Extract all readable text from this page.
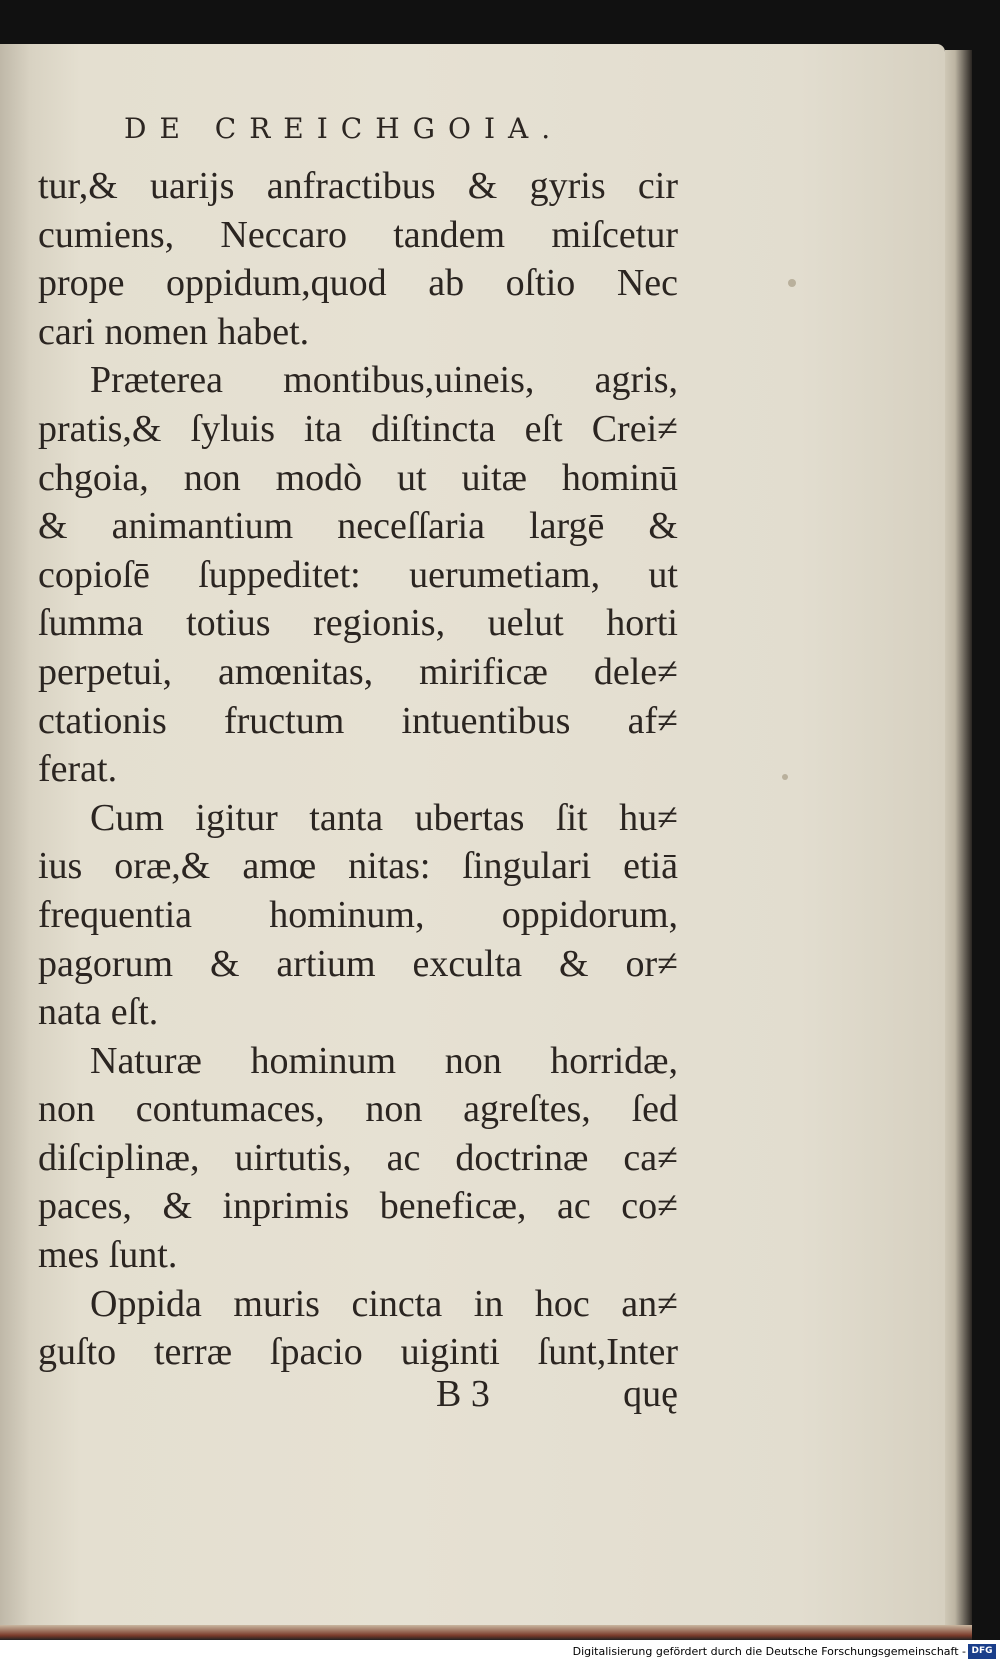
DE CREICHGOIA.
tur,& uarijs anfractibus & gyris cir
cumiens, Neccaro tandem miſcetur
prope oppidum,quod ab oſtio Nec
cari nomen habet.
Præterea montibus,uineis, agris,
pratis,& ſyluis ita diſtincta eſt Crei≠
chgoia, non modò ut uitæ hominū
& animantium neceſſaria largē &
copioſē ſuppeditet: uerumetiam, ut
ſumma totius regionis, uelut horti
perpetui, amœnitas, mirificæ dele≠
ctationis fructum intuentibus af≠
ferat.
Cum igitur tanta ubertas ſit hu≠
ius oræ,& amœ nitas: ſingulari etiā
frequentia hominum, oppidorum,
pagorum & artium exculta & or≠
nata eſt.
Naturæ hominum non horridæ,
non contumaces, non agreſtes, ſed
diſciplinæ, uirtutis, ac doctrinæ ca≠
paces, & inprimis beneficæ, ac co≠
mes ſunt.
Oppida muris cincta in hoc an≠
guſto terræ ſpacio uiginti ſunt,Inter
B 3	quę
Digitalisierung gefördert durch die Deutsche Forschungsgemeinschaft - DFG
